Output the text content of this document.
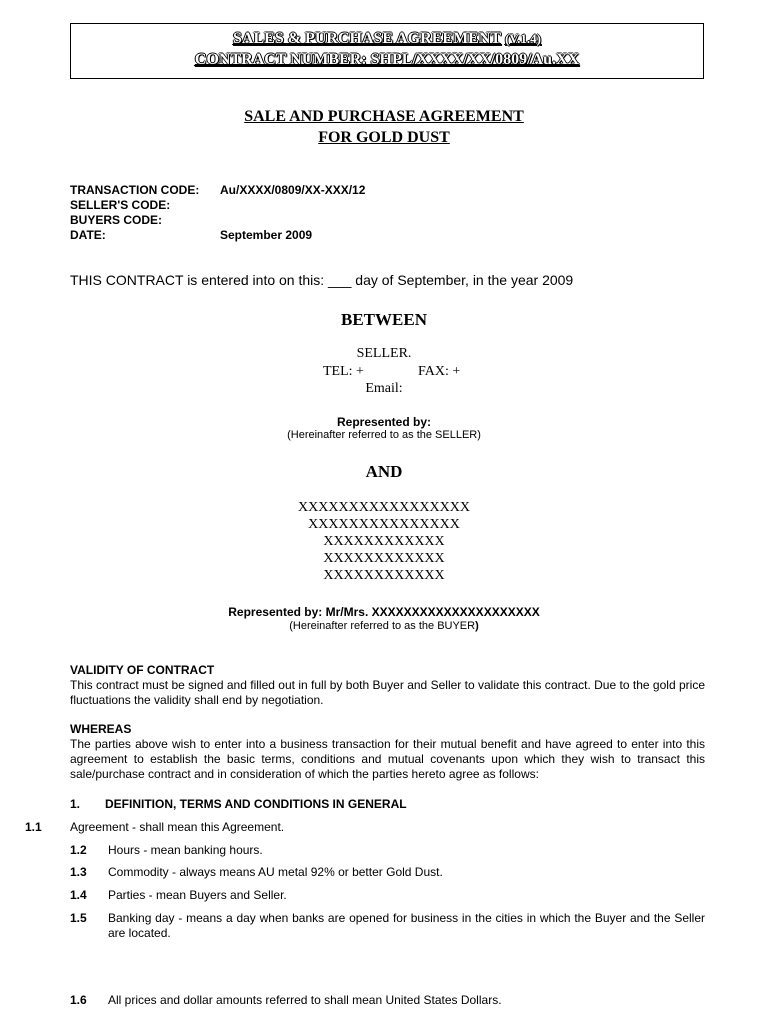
SALES & PURCHASE AGREEMENT (V.1.4)
CONTRACT NUMBER: SHPL/XXXX/XX/0809/Au.XX
SALE AND PURCHASE AGREEMENT
FOR GOLD DUST
TRANSACTION CODE: Au/XXXX/0809/XX-XXX/12
SELLER'S CODE:
BUYERS CODE:
DATE:	September 2009
THIS CONTRACT is entered into on this: ___ day of September, in the year 2009
BETWEEN
SELLER.
TEL: +	FAX: +
Email:
Represented by:
(Hereinafter referred to as the SELLER)
AND
XXXXXXXXXXXXXXXXX
XXXXXXXXXXXXXXX
XXXXXXXXXXXX
XXXXXXXXXXXX
XXXXXXXXXXXX
Represented by: Mr/Mrs. XXXXXXXXXXXXXXXXXXXXX
(Hereinafter referred to as the BUYER)
VALIDITY OF CONTRACT
This contract must be signed and filled out in full by both Buyer and Seller to validate this contract. Due to the gold price fluctuations the validity shall end by negotiation.
WHEREAS
The parties above wish to enter into a business transaction for their mutual benefit and have agreed to enter into this agreement to establish the basic terms, conditions and mutual covenants upon which they wish to transact this sale/purchase contract and in consideration of which the parties hereto agree as follows:
1. DEFINITION, TERMS AND CONDITIONS IN GENERAL
1.1 Agreement - shall mean this Agreement.
1.2 Hours - mean banking hours.
1.3 Commodity - always means AU metal 92% or better Gold Dust.
1.4 Parties - mean Buyers and Seller.
1.5 Banking day - means a day when banks are opened for business in the cities in which the Buyer and the Seller are located.
1.6 All prices and dollar amounts referred to shall mean United States Dollars.
